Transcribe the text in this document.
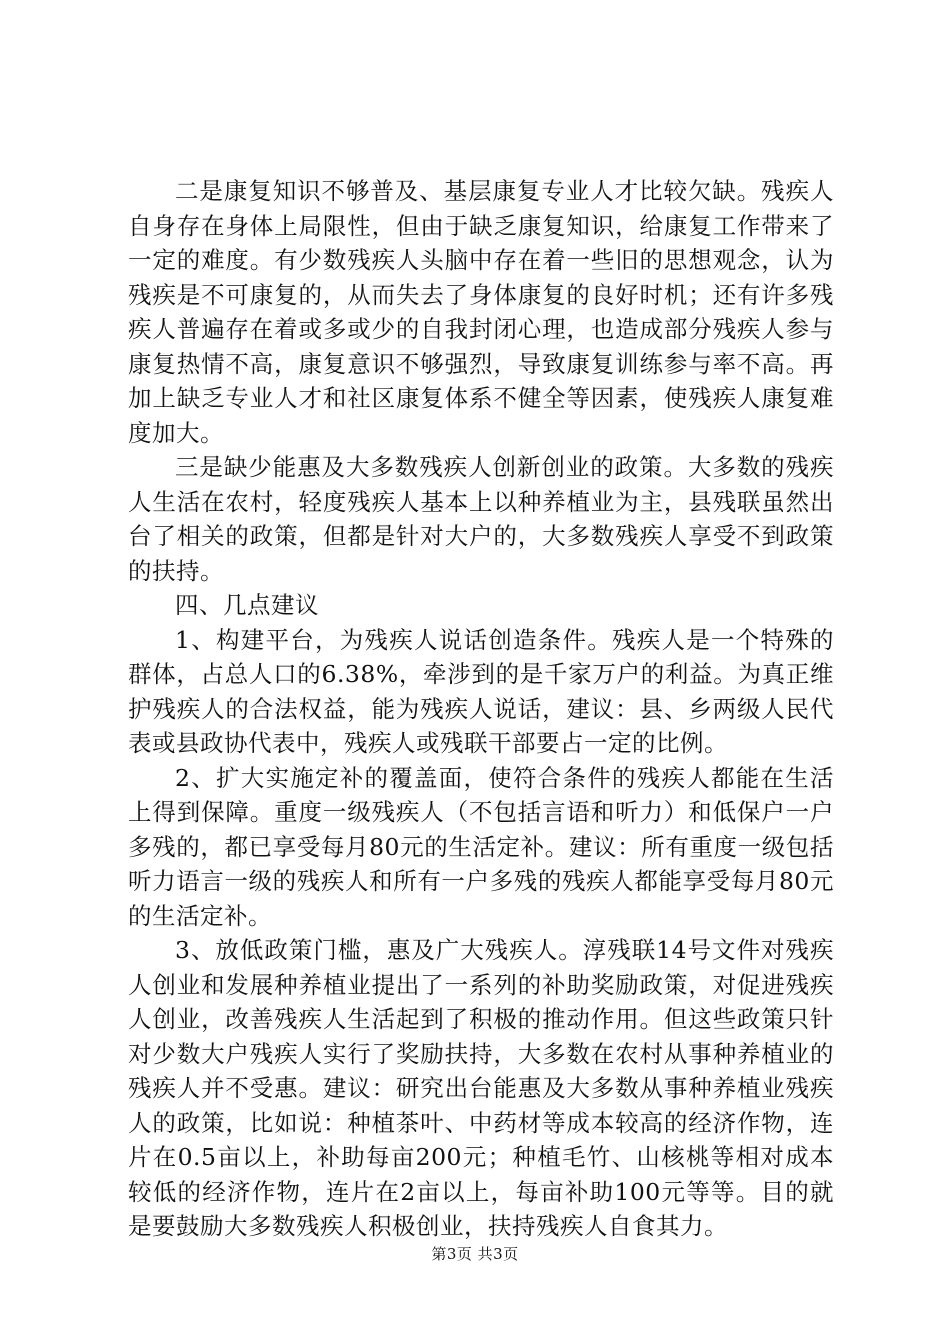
二是康复知识不够普及、基层康复专业人才比较欠缺。残疾人自身存在身体上局限性，但由于缺乏康复知识，给康复工作带来了一定的难度。有少数残疾人头脑中存在着一些旧的思想观念，认为残疾是不可康复的，从而失去了身体康复的良好时机；还有许多残疾人普遍存在着或多或少的自我封闭心理，也造成部分残疾人参与康复热情不高，康复意识不够强烈，导致康复训练参与率不高。再加上缺乏专业人才和社区康复体系不健全等因素，使残疾人康复难度加大。

三是缺少能惠及大多数残疾人创新创业的政策。大多数的残疾人生活在农村，轻度残疾人基本上以种养植业为主，县残联虽然出台了相关的政策，但都是针对大户的，大多数残疾人享受不到政策的扶持。

四、几点建议

1、构建平台，为残疾人说话创造条件。残疾人是一个特殊的群体，占总人口的6.38%，牵涉到的是千家万户的利益。为真正维护残疾人的合法权益，能为残疾人说话，建议：县、乡两级人民代表或县政协代表中，残疾人或残联干部要占一定的比例。

2、扩大实施定补的覆盖面，使符合条件的残疾人都能在生活上得到保障。重度一级残疾人（不包括言语和听力）和低保户一户多残的，都已享受每月80元的生活定补。建议：所有重度一级包括听力语言一级的残疾人和所有一户多残的残疾人都能享受每月80元的生活定补。

3、放低政策门槛，惠及广大残疾人。淳残联14号文件对残疾人创业和发展种养植业提出了一系列的补助奖励政策，对促进残疾人创业，改善残疾人生活起到了积极的推动作用。但这些政策只针对少数大户残疾人实行了奖励扶持，大多数在农村从事种养植业的残疾人并不受惠。建议：研究出台能惠及大多数从事种养植业残疾人的政策，比如说：种植茶叶、中药材等成本较高的经济作物，连片在0.5亩以上，补助每亩200元；种植毛竹、山核桃等相对成本较低的经济作物，连片在2亩以上，每亩补助100元等等。目的就是要鼓励大多数残疾人积极创业，扶持残疾人自食其力。

第3页 共3页
